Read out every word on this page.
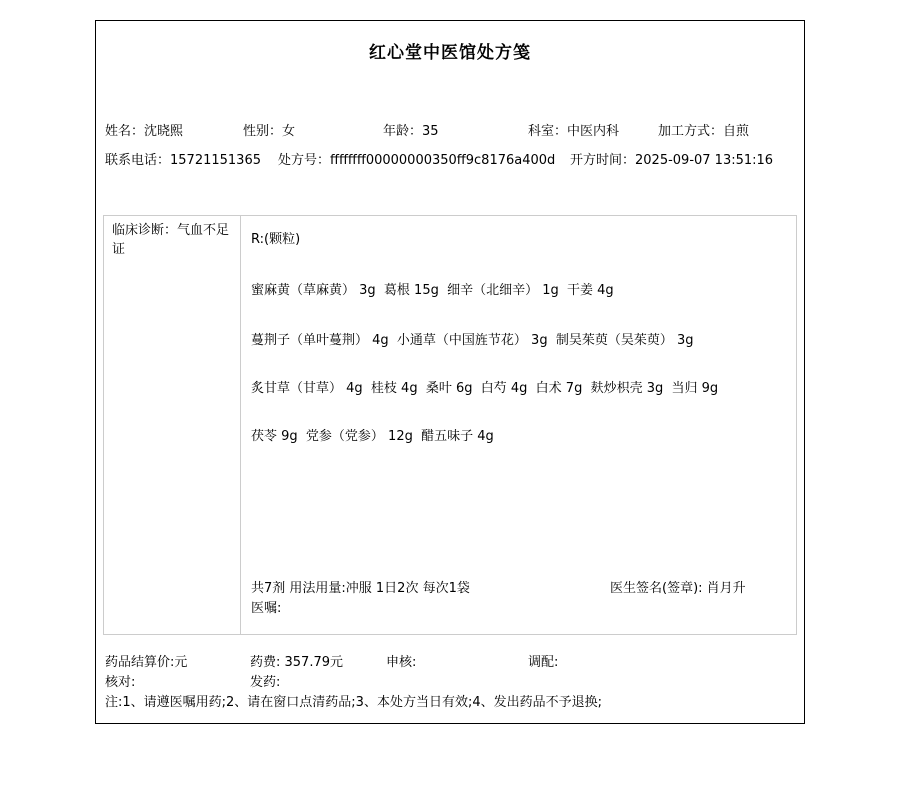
红心堂中医馆处方笺
姓名：沈晓熙	性别：女	年龄：35	科室：中医内科	加工方式：自煎
联系电话：15721151365 处方号：ffffffff00000000350ff9c8176a400d 开方时间：2025-09-07 13:51:16
临床诊断：气血不足证
R:(颗粒)
蜜麻黄（草麻黄） 3g  葛根 15g  细辛（北细辛） 1g  干姜 4g
蔓荆子（单叶蔓荆） 4g  小通草（中国旌节花） 3g  制吴茱萸（吴茱萸） 3g
炙甘草（甘草） 4g  桂枝 4g  桑叶 6g  白芍 4g  白术 7g  麸炒枳壳 3g  当归 9g
茯苓 9g  党参（党参） 12g  醋五味子 4g
共7剂 用法用量:冲服 1日2次 每次1袋	医生签名(签章): 肖月升
医嘱:
药品结算价:元	药费: 357.79元	申核:	调配:
核对:	发药:
注:1、请遵医嘱用药;2、请在窗口点清药品;3、本处方当日有效;4、发出药品不予退换;
